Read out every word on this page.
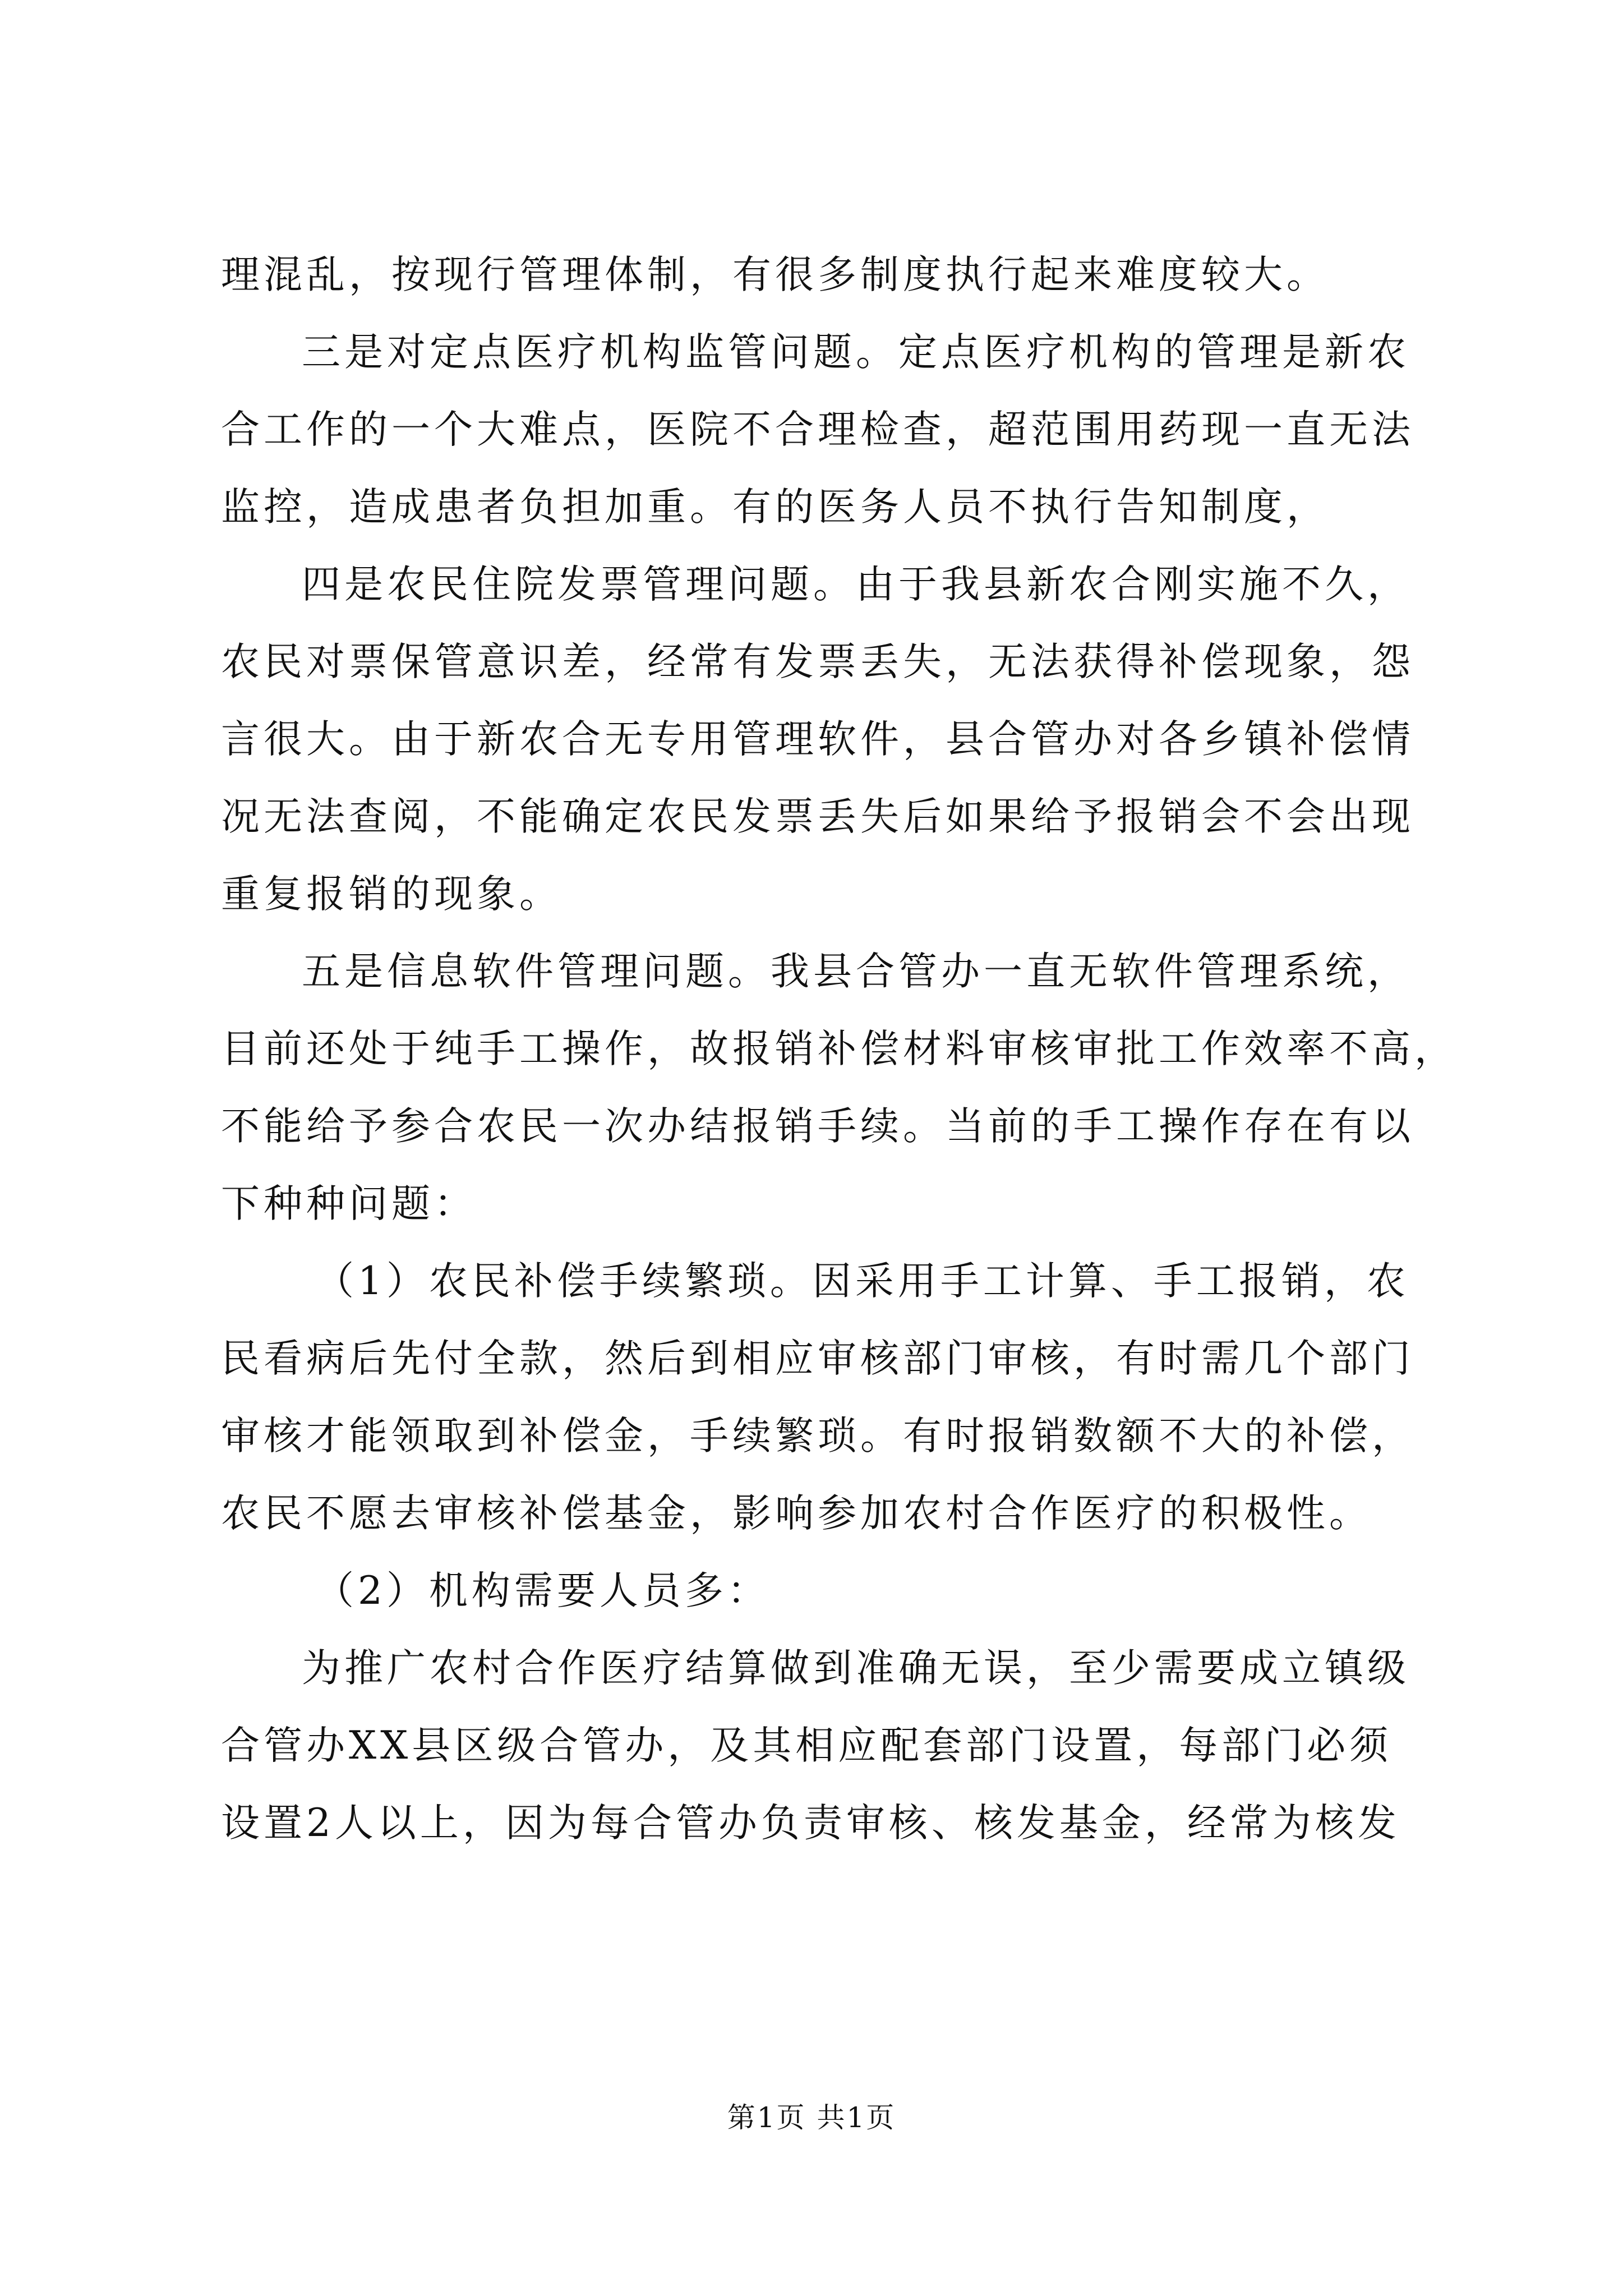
理混乱，按现行管理体制，有很多制度执行起来难度较大。
三是对定点医疗机构监管问题。定点医疗机构的管理是新农
合工作的一个大难点，医院不合理检查，超范围用药现一直无法
监控，造成患者负担加重。有的医务人员不执行告知制度，
四是农民住院发票管理问题。由于我县新农合刚实施不久，
农民对票保管意识差，经常有发票丢失，无法获得补偿现象，怨
言很大。由于新农合无专用管理软件，县合管办对各乡镇补偿情
况无法查阅，不能确定农民发票丢失后如果给予报销会不会出现
重复报销的现象。
五是信息软件管理问题。我县合管办一直无软件管理系统，
目前还处于纯手工操作，故报销补偿材料审核审批工作效率不高，
不能给予参合农民一次办结报销手续。当前的手工操作存在有以
下种种问题：
（1）农民补偿手续繁琐。因采用手工计算、手工报销，农
民看病后先付全款，然后到相应审核部门审核，有时需几个部门
审核才能领取到补偿金，手续繁琐。有时报销数额不大的补偿，
农民不愿去审核补偿基金，影响参加农村合作医疗的积极性。
（2）机构需要人员多：
为推广农村合作医疗结算做到准确无误，至少需要成立镇级
合管办XX县区级合管办，及其相应配套部门设置，每部门必须
设置2人以上，因为每合管办负责审核、核发基金，经常为核发
第1页 共1页
